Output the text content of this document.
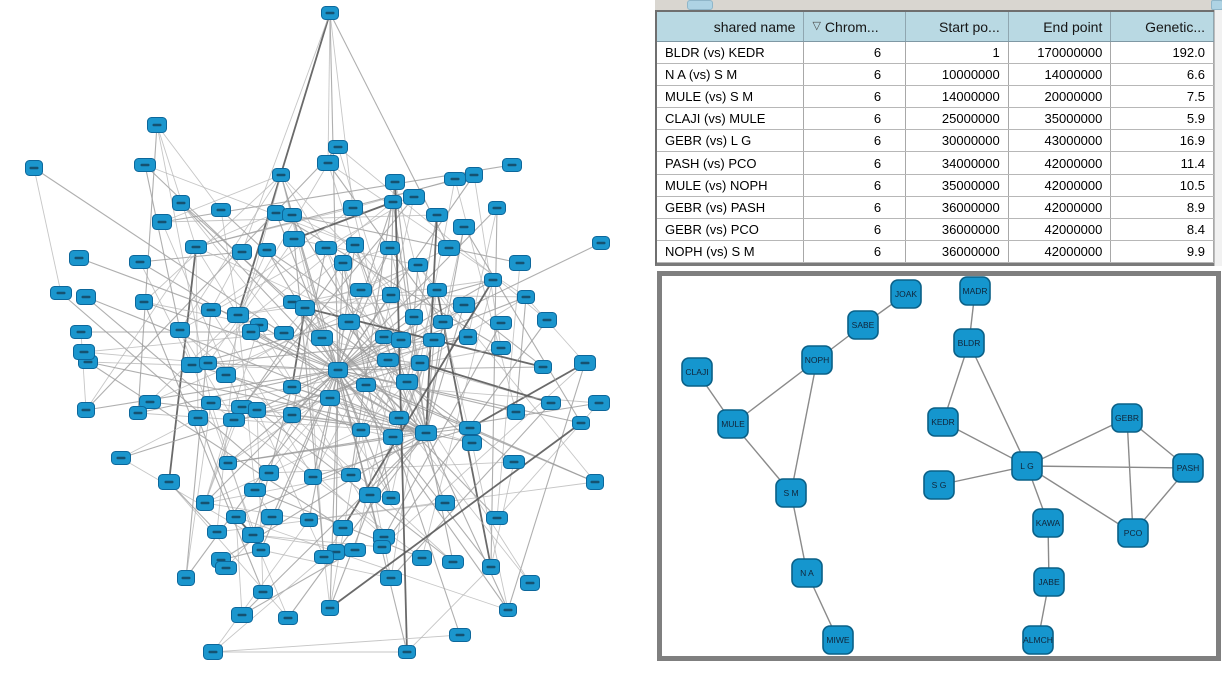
shared name	▽ Chrom...	Start po...	End point	Genetic...
BLDR (vs) KEDR	6	1	170000000	192.0
N A (vs) S M	6	10000000	14000000	6.6
MULE (vs) S M	6	14000000	20000000	7.5
CLAJI (vs) MULE	6	25000000	35000000	5.9
GEBR (vs) L G	6	30000000	43000000	16.9
PASH (vs) PCO	6	34000000	42000000	11.4
MULE (vs) NOPH	6	35000000	42000000	10.5
GEBR (vs) PASH	6	36000000	42000000	8.9
GEBR (vs) PCO	6	36000000	42000000	8.4
NOPH (vs) S M	6	36000000	42000000	9.9
JOAK	MADR
SABE
NOPH
CLAJI
BLDR
MULE	KEDR	GEBR
L G
S G
PASH
KAWA
PCO
S M
N A
MIWE
JABE
ALMCH
